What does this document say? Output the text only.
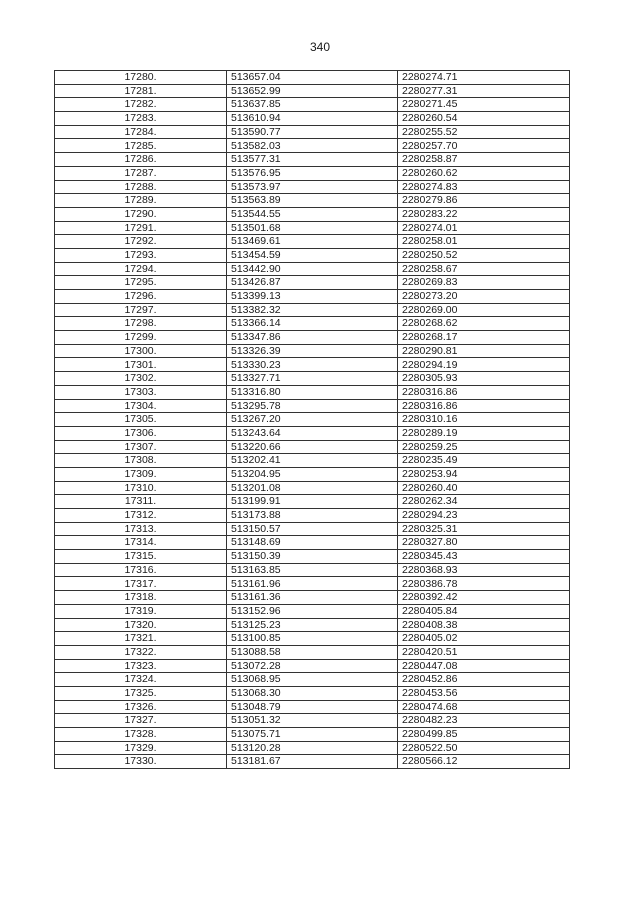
340
17280.	513657.04	2280274.71
17281.	513652.99	2280277.31
17282.	513637.85	2280271.45
17283.	513610.94	2280260.54
17284.	513590.77	2280255.52
17285.	513582.03	2280257.70
17286.	513577.31	2280258.87
17287.	513576.95	2280260.62
17288.	513573.97	2280274.83
17289.	513563.89	2280279.86
17290.	513544.55	2280283.22
17291.	513501.68	2280274.01
17292.	513469.61	2280258.01
17293.	513454.59	2280250.52
17294.	513442.90	2280258.67
17295.	513426.87	2280269.83
17296.	513399.13	2280273.20
17297.	513382.32	2280269.00
17298.	513366.14	2280268.62
17299.	513347.86	2280268.17
17300.	513326.39	2280290.81
17301.	513330.23	2280294.19
17302.	513327.71	2280305.93
17303.	513316.80	2280316.86
17304.	513295.78	2280316.86
17305.	513267.20	2280310.16
17306.	513243.64	2280289.19
17307.	513220.66	2280259.25
17308.	513202.41	2280235.49
17309.	513204.95	2280253.94
17310.	513201.08	2280260.40
17311.	513199.91	2280262.34
17312.	513173.88	2280294.23
17313.	513150.57	2280325.31
17314.	513148.69	2280327.80
17315.	513150.39	2280345.43
17316.	513163.85	2280368.93
17317.	513161.96	2280386.78
17318.	513161.36	2280392.42
17319.	513152.96	2280405.84
17320.	513125.23	2280408.38
17321.	513100.85	2280405.02
17322.	513088.58	2280420.51
17323.	513072.28	2280447.08
17324.	513068.95	2280452.86
17325.	513068.30	2280453.56
17326.	513048.79	2280474.68
17327.	513051.32	2280482.23
17328.	513075.71	2280499.85
17329.	513120.28	2280522.50
17330.	513181.67	2280566.12
